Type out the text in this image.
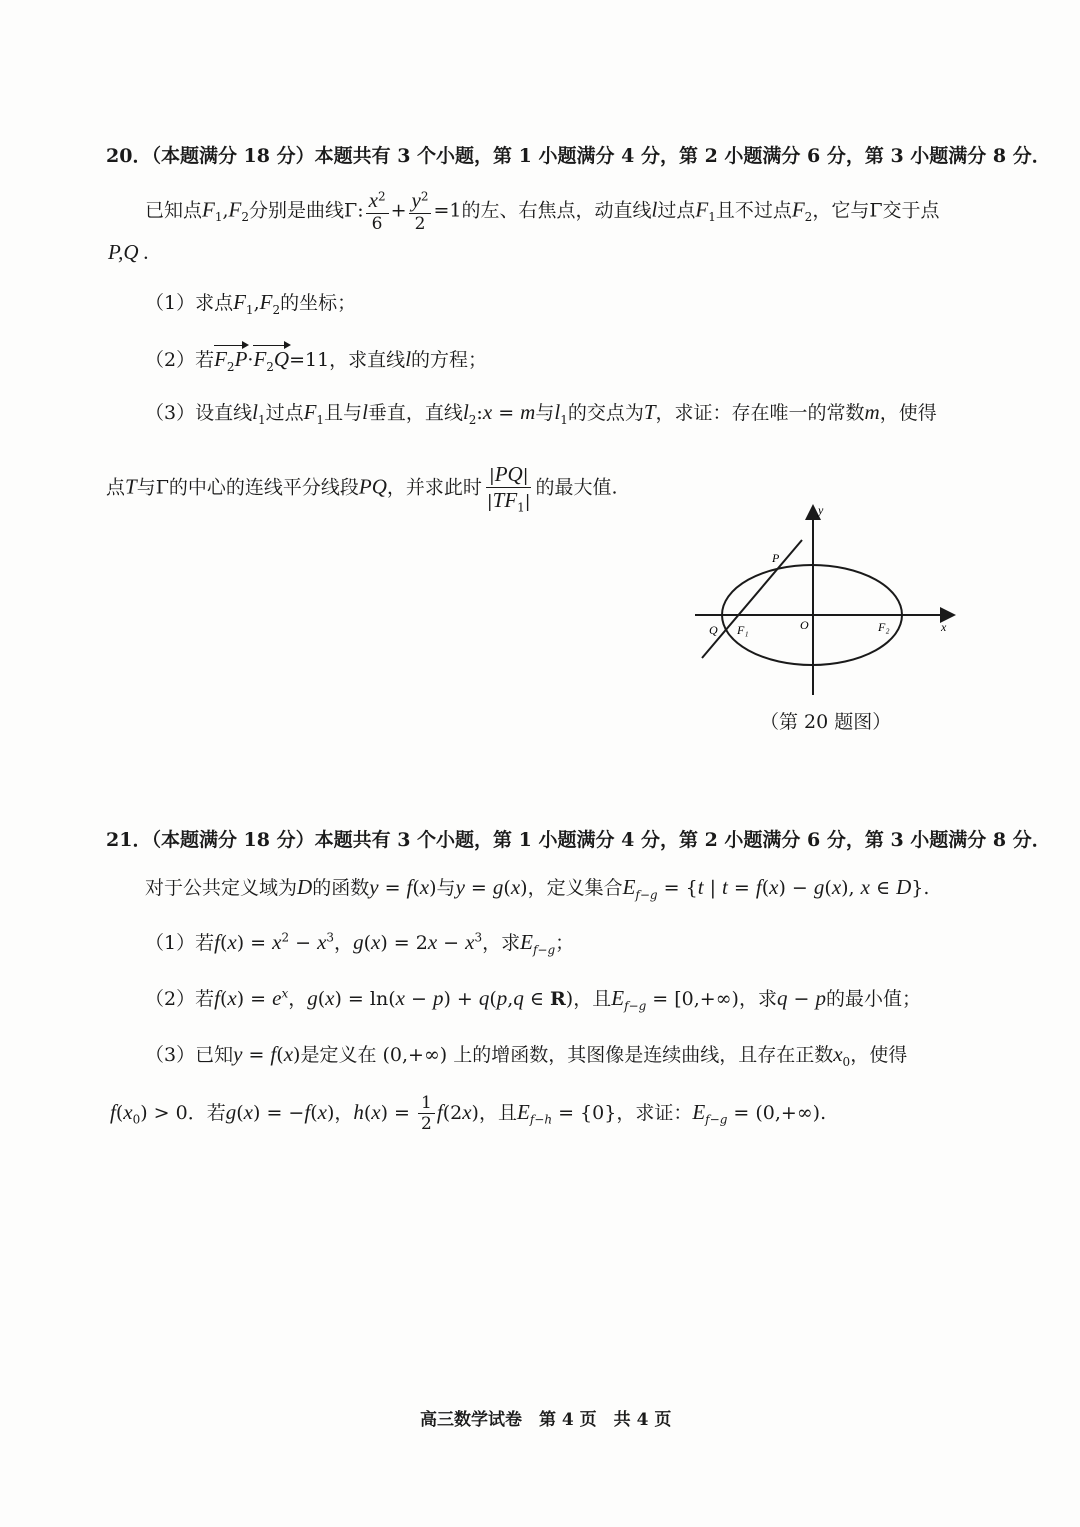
20．（本题满分 18 分）本题共有 3 个小题，第 1 小题满分 4 分，第 2 小题满分 6 分，第 3 小题满分 8 分．
已知点$F_1,F_2$分别是曲线Γ: $\frac{x^2}{6} + \frac{y^2}{2} =1$的左、右焦点，动直线l过点$F_1$且不过点$F_2$，它与Γ交于点
P,Q .
（1）求点$F_1,F_2$的坐标；
（2）若$F_2P\cdot F_2Q=11$，求直线l的方程；
（3）设直线$l_1$过点$F_1$且与l垂直，直线$l_2:x = m$与$l_1$的交点为T，求证：存在唯一的常数m，使得
点T与Γ的中心的连线平分线段PQ，并求此时 $\frac{|PQ|}{|TF_1|}$ 的最大值.
y
x
P
Q F₁	O	F₂
（第 20 题图）
21．（本题满分 18 分）本题共有 3 个小题，第 1 小题满分 4 分，第 2 小题满分 6 分，第 3 小题满分 8 分．
对于公共定义域为D的函数y = f(x)与y = g(x)，定义集合$E_{f-g} = \{t$ | t = f(x) − g(x), x ∈ D}.
（1）若$f(x) = x^2 - x^3$，$g(x) = 2x - x^3$，求$E_{f-g}$；
（2）若$f(x) = e^x$，g(x) = ln(x − p) + q(p,q ∈ R)，且$E_{f-g} = [0,+\infty)$，求q − p的最小值；
（3）已知y = f(x)是定义在 (0,+∞) 上的增函数，其图像是连续曲线，且存在正数$x_0$，使得
$f(x_0) > 0$．若g(x) = −f(x)，$h(x) = \frac{1}{2} f(2x)$，且$E_{f-h} = \{0\}$，求证：$E_{f-g} = (0,+\infty)$.
高三数学试卷　第 4 页　共 4 页
